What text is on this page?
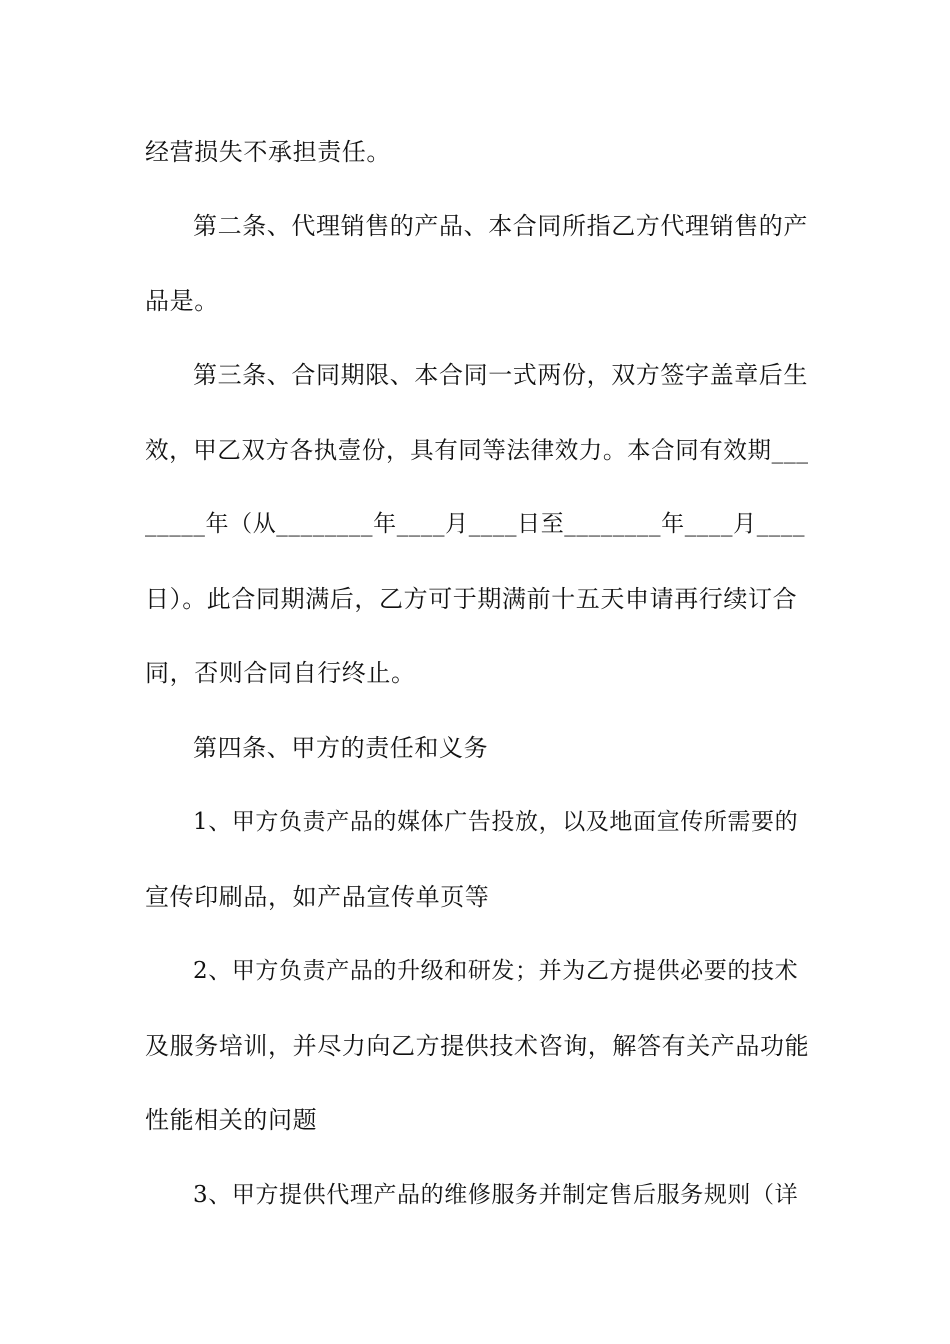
经营损失不承担责任。
第二条、代理销售的产品、本合同所指乙方代理销售的产
品是。
第三条、合同期限、本合同一式两份，双方签字盖章后生
效，甲乙双方各执壹份，具有同等法律效力。本合同有效期___
_____年（从________年____月____日至________年____月____
日）。此合同期满后，乙方可于期满前十五天申请再行续订合
同，否则合同自行终止。
第四条、甲方的责任和义务
1、甲方负责产品的媒体广告投放，以及地面宣传所需要的
宣传印刷品，如产品宣传单页等
2、甲方负责产品的升级和研发；并为乙方提供必要的技术
及服务培训，并尽力向乙方提供技术咨询，解答有关产品功能
性能相关的问题
3、甲方提供代理产品的维修服务并制定售后服务规则（详
